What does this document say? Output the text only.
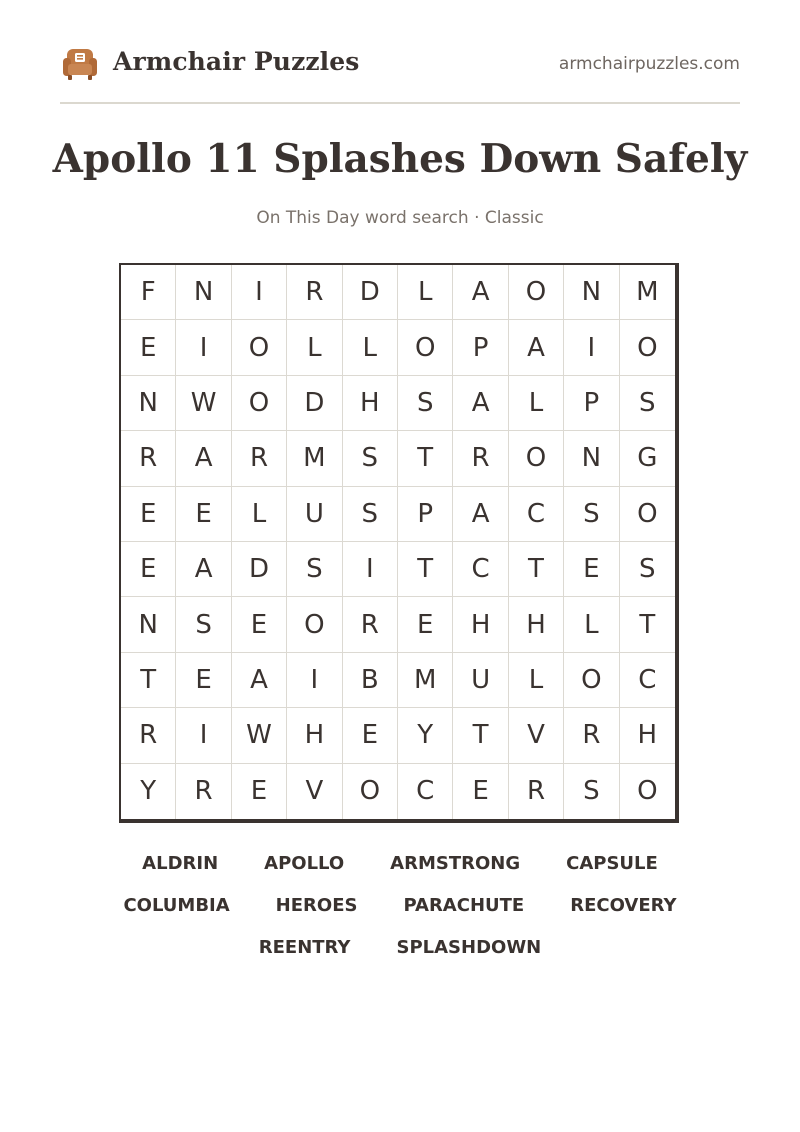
Armchair Puzzles	armchairpuzzles.com
Apollo 11 Splashes Down Safely
On This Day word search · Classic
F	N	I	R	D	L	A	O	N	M
E	I	O	L	L	O	P	A	I	O
N	W	O	D	H	S	A	L	P	S
R	A	R	M	S	T	R	O	N	G
E	E	L	U	S	P	A	C	S	O
E	A	D	S	I	T	C	T	E	S
N	S	E	O	R	E	H	H	L	T
T	E	A	I	B	M	U	L	O	C
R	I	W	H	E	Y	T	V	R	H
Y	R	E	V	O	C	E	R	S	O
ALDRIN	APOLLO	ARMSTRONG	CAPSULE
COLUMBIA	HEROES	PARACHUTE	RECOVERY
REENTRY	SPLASHDOWN
